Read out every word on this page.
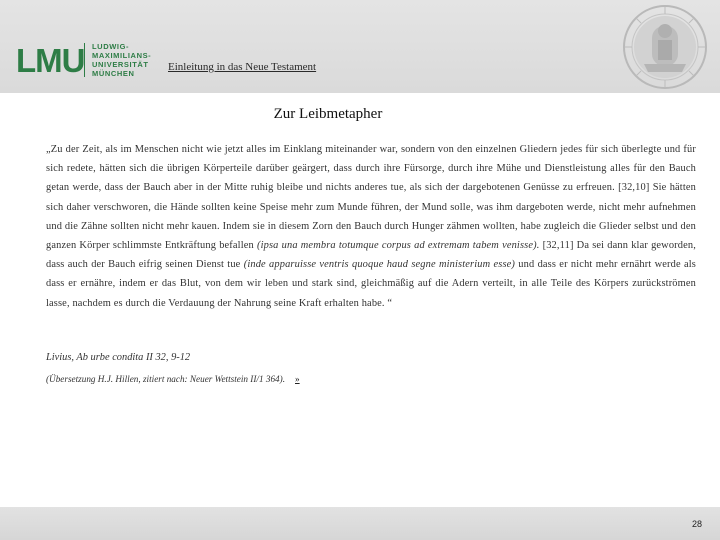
LMU LUDWIG-
MAXIMILIANS-
UNIVERSITÄT
MÜNCHEN
Einleitung in das Neue Testament
Zur Leibmetapher
„Zu der Zeit, als im Menschen nicht wie jetzt alles im Einklang miteinander war, sondern von den einzelnen Gliedern jedes für sich überlegte und für sich redete, hätten sich die übrigen Körperteile darüber geärgert, dass durch ihre Fürsorge, durch ihre Mühe und Dienstleistung alles für den Bauch getan werde, dass der Bauch aber in der Mitte ruhig bleibe und nichts anderes tue, als sich der dargebotenen Genüsse zu erfreuen. [32,10] Sie hätten sich daher verschworen, die Hände sollten keine Speise mehr zum Munde führen, der Mund solle, was ihm dargeboten werde, nicht mehr aufnehmen und die Zähne sollten nicht mehr kauen. Indem sie in diesem Zorn den Bauch durch Hunger zähmen wollten, habe zugleich die Glieder selbst und den ganzen Körper schlimmste Entkräftung befallen (ipsa una membra totumque corpus ad extremam tabem venisse). [32,11] Da sei dann klar geworden, dass auch der Bauch eifrig seinen Dienst tue (inde apparuisse ventris quoque haud segne ministerium esse) und dass er nicht mehr ernährt werde als dass er ernähre, indem er das Blut, von dem wir leben und stark sind, gleichmäßig auf die Adern verteilt, in alle Teile des Körpers zurückströmen lasse, nachdem es durch die Verdauung der Nahrung seine Kraft erhalten habe. “
Livius, Ab urbe condita II 32, 9-12
(Übersetzung H.J. Hillen, zitiert nach: Neuer Wettstein II/1 364). »
28
